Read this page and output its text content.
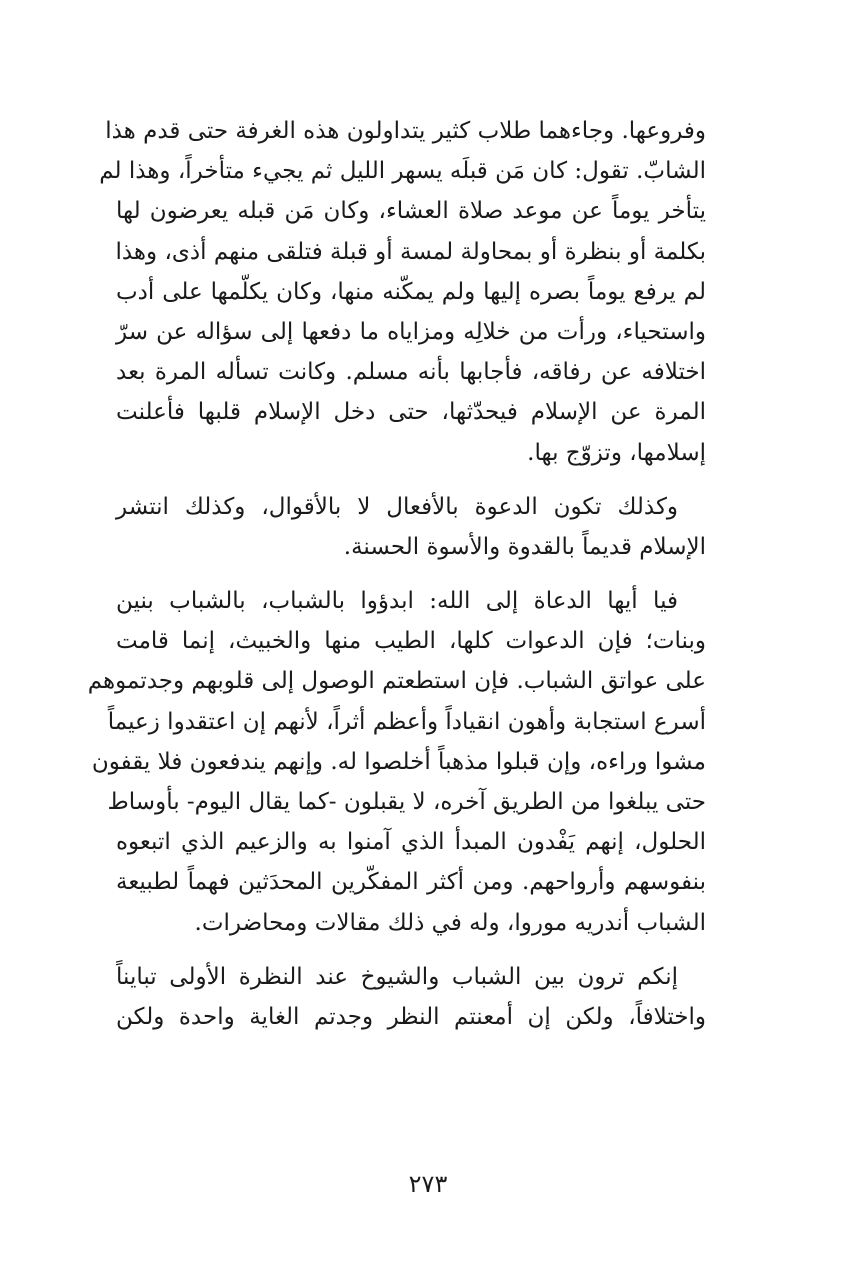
وفروعها. وجاءهما طلاب كثير يتداولون هذه الغرفة حتى قدم هذا
الشابّ. تقول: كان مَن قبلَه يسهر الليل ثم يجيء متأخراً، وهذا لم
يتأخر يوماً عن موعد صلاة العشاء، وكان مَن قبله يعرضون لها
بكلمة أو بنظرة أو بمحاولة لمسة أو قبلة فتلقى منهم أذى، وهذا
لم يرفع يوماً بصره إليها ولم يمكّنه منها، وكان يكلّمها على أدب
واستحياء، ورأت من خلالِه ومزاياه ما دفعها إلى سؤاله عن سرّ
اختلافه عن رفاقه، فأجابها بأنه مسلم. وكانت تسأله المرة بعد
المرة عن الإسلام فيحدّثها، حتى دخل الإسلام قلبها فأعلنت
إسلامها، وتزوّج بها.
وكذلك تكون الدعوة بالأفعال لا بالأقوال، وكذلك انتشر
الإسلام قديماً بالقدوة والأسوة الحسنة.
فيا أيها الدعاة إلى الله: ابدؤوا بالشباب، بالشباب بنين
وبنات؛ فإن الدعوات كلها، الطيب منها والخبيث، إنما قامت
على عواتق الشباب. فإن استطعتم الوصول إلى قلوبهم وجدتموهم
أسرع استجابة وأهون انقياداً وأعظم أثراً، لأنهم إن اعتقدوا زعيماً
مشوا وراءه، وإن قبلوا مذهباً أخلصوا له. وإنهم يندفعون فلا يقفون
حتى يبلغوا من الطريق آخره، لا يقبلون -كما يقال اليوم- بأوساط
الحلول، إنهم يَفْدون المبدأ الذي آمنوا به والزعيم الذي اتبعوه
بنفوسهم وأرواحهم. ومن أكثر المفكّرين المحدَثين فهماً لطبيعة
الشباب أندريه موروا، وله في ذلك مقالات ومحاضرات.
إنكم ترون بين الشباب والشيوخ عند النظرة الأولى تبايناً
واختلافاً، ولكن إن أمعنتم النظر وجدتم الغاية واحدة ولكن
٢٧٣
